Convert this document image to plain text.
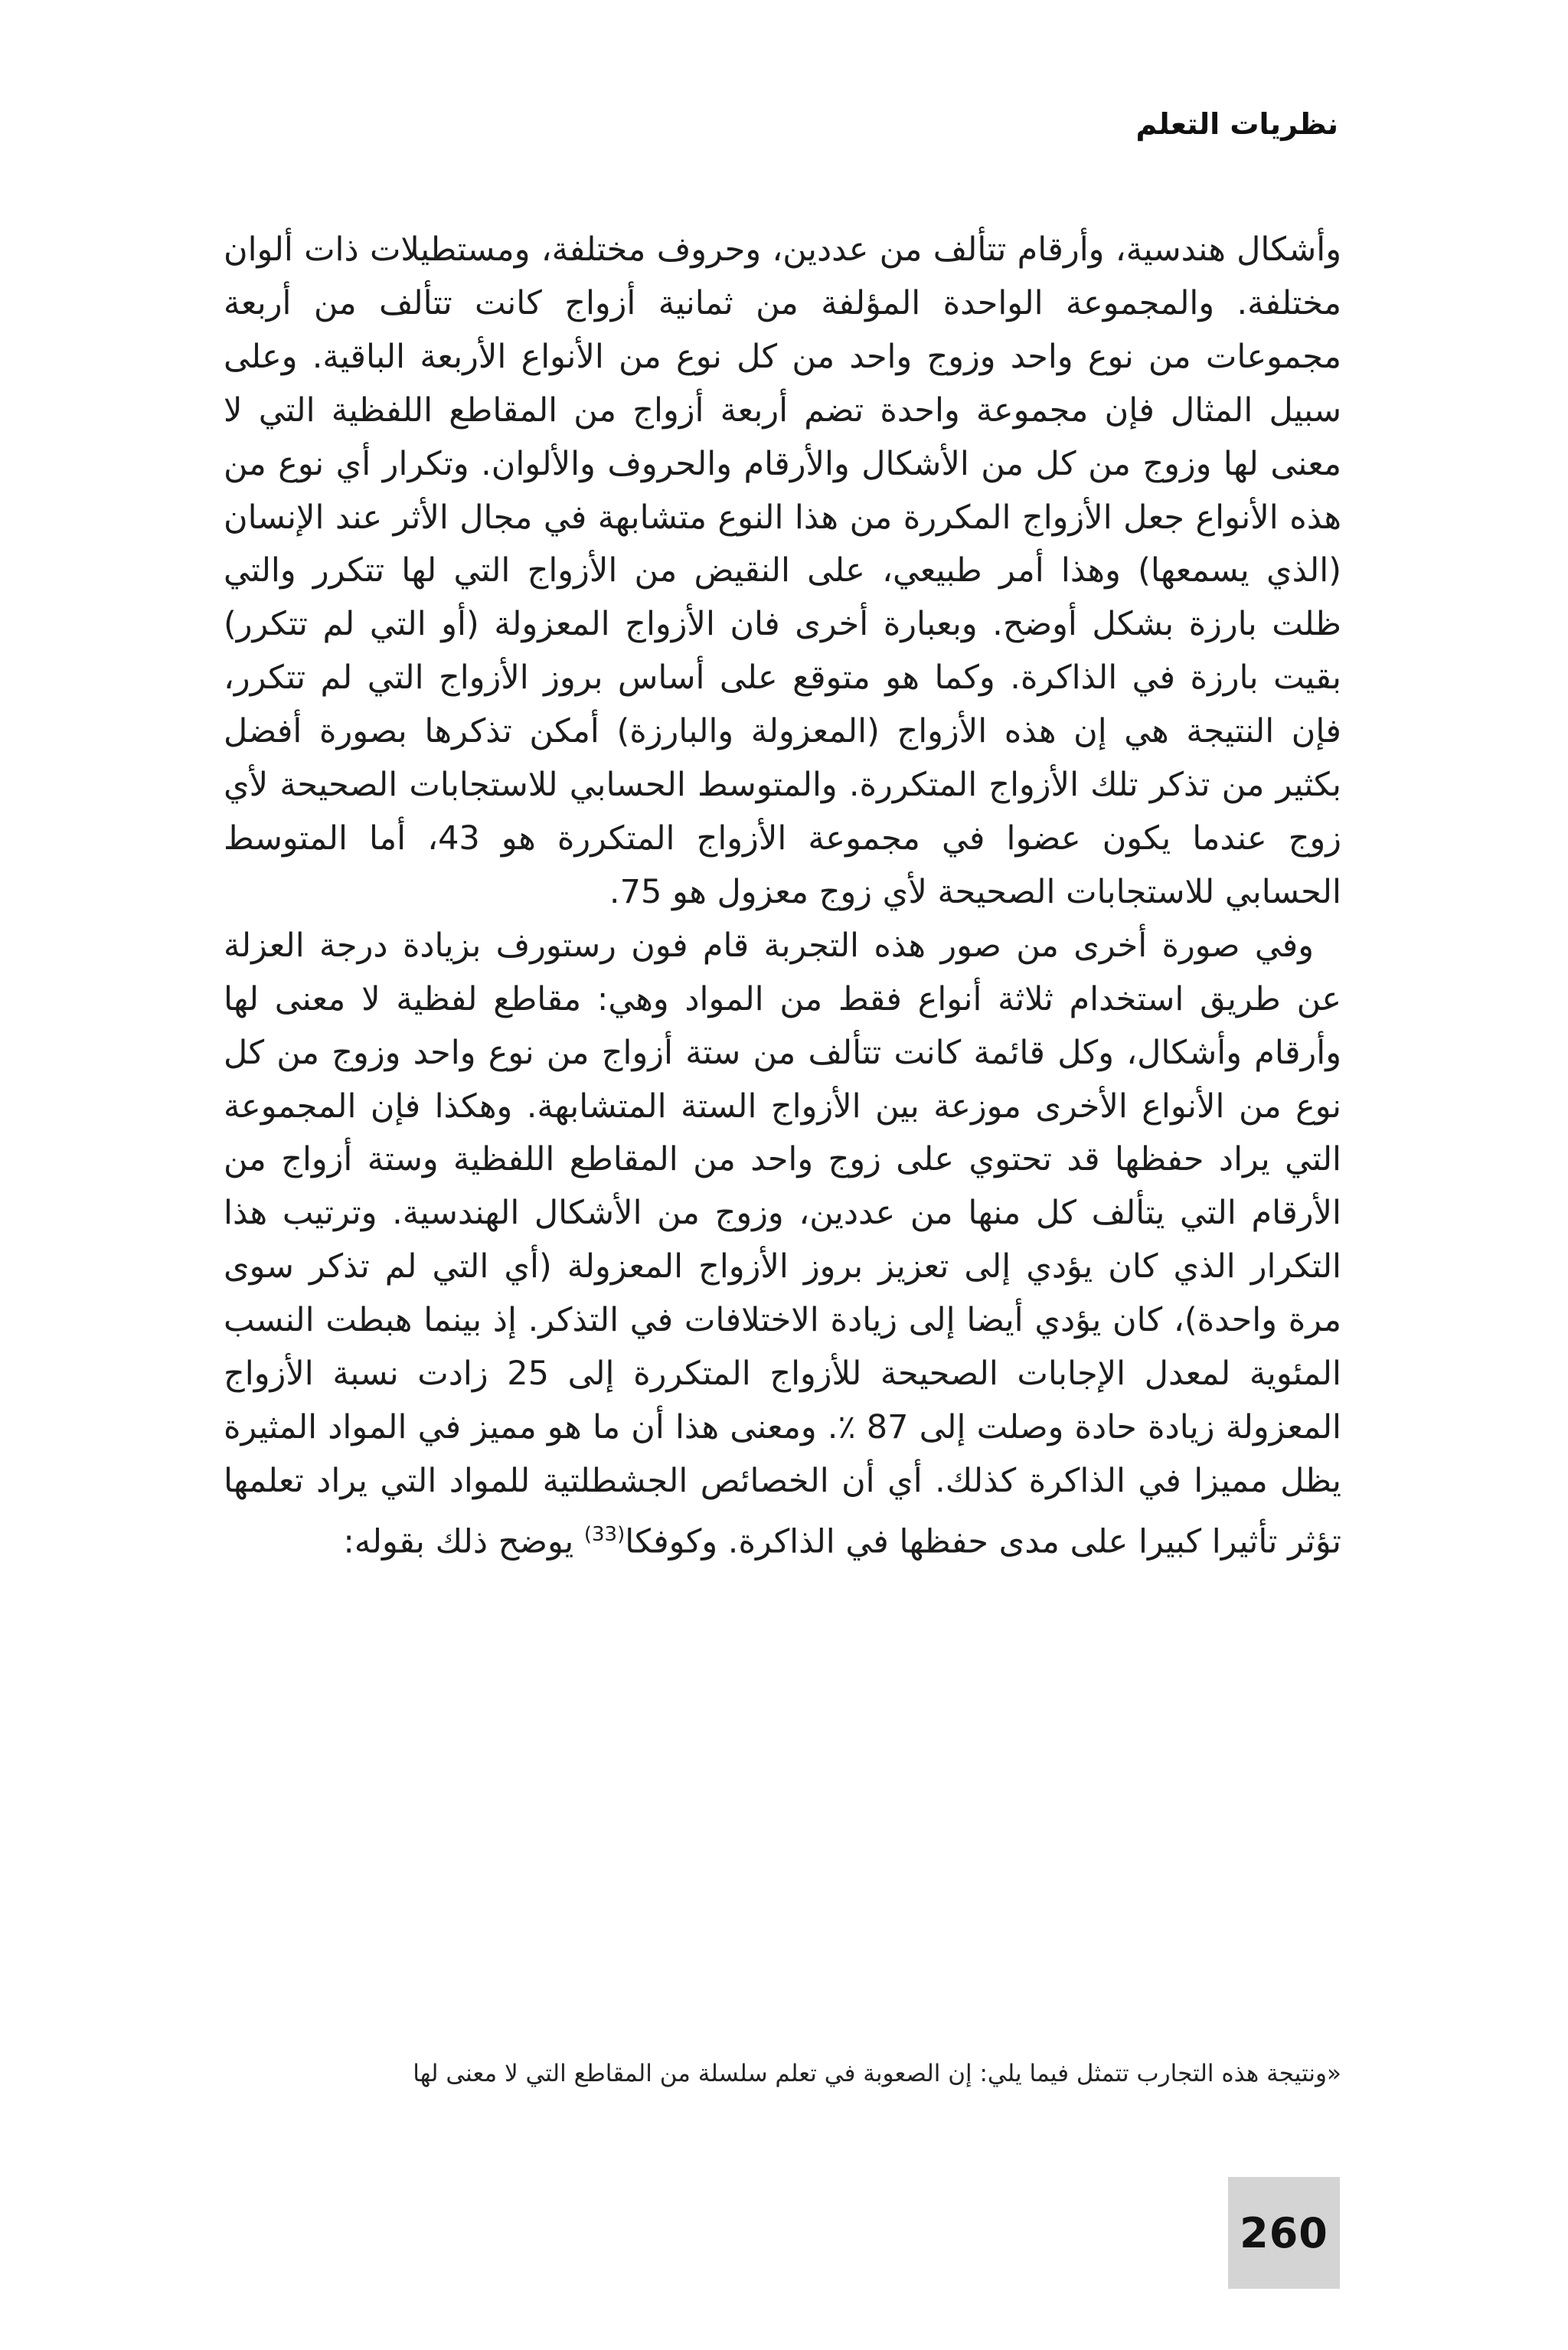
نظريات التعلم

وأشكال هندسية، وأرقام تتألف من عددين، وحروف مختلفة، ومستطيلات ذات ألوان مختلفة. والمجموعة الواحدة المؤلفة من ثمانية أزواج كانت تتألف من أربعة مجموعات من نوع واحد وزوج واحد من كل نوع من الأنواع الأربعة الباقية. وعلى سبيل المثال فإن مجموعة واحدة تضم أربعة أزواج من المقاطع اللفظية التي لا معنى لها وزوج من كل من الأشكال والأرقام والحروف والألوان. وتكرار أي نوع من هذه الأنواع جعل الأزواج المكررة من هذا النوع متشابهة في مجال الأثر عند الإنسان (الذي يسمعها) وهذا أمر طبيعي، على النقيض من الأزواج التي لها تتكرر والتي ظلت بارزة بشكل أوضح. وبعبارة أخرى فان الأزواج المعزولة (أو التي لم تتكرر) بقيت بارزة في الذاكرة. وكما هو متوقع على أساس بروز الأزواج التي لم تتكرر، فإن النتيجة هي إن هذه الأزواج (المعزولة والبارزة) أمكن تذكرها بصورة أفضل بكثير من تذكر تلك الأزواج المتكررة. والمتوسط الحسابي للاستجابات الصحيحة لأي زوج عندما يكون عضوا في مجموعة الأزواج المتكررة هو 43، أما المتوسط الحسابي للاستجابات الصحيحة لأي زوج معزول هو 75.

وفي صورة أخرى من صور هذه التجربة قام فون رستورف بزيادة درجة العزلة عن طريق استخدام ثلاثة أنواع فقط من المواد وهي: مقاطع لفظية لا معنى لها وأرقام وأشكال، وكل قائمة كانت تتألف من ستة أزواج من نوع واحد وزوج من كل نوع من الأنواع الأخرى موزعة بين الأزواج الستة المتشابهة. وهكذا فإن المجموعة التي يراد حفظها قد تحتوي على زوج واحد من المقاطع اللفظية وستة أزواج من الأرقام التي يتألف كل منها من عددين، وزوج من الأشكال الهندسية. وترتيب هذا التكرار الذي كان يؤدي إلى تعزيز بروز الأزواج المعزولة (أي التي لم تذكر سوى مرة واحدة)، كان يؤدي أيضا إلى زيادة الاختلافات في التذكر. إذ بينما هبطت النسب المئوية لمعدل الإجابات الصحيحة للأزواج المتكررة إلى 25 زادت نسبة الأزواج المعزولة زيادة حادة وصلت إلى 87 ٪. ومعنى هذا أن ما هو مميز في المواد المثيرة يظل مميزا في الذاكرة كذلك. أي أن الخصائص الجشطلتية للمواد التي يراد تعلمها تؤثر تأثيرا كبيرا على مدى حفظها في الذاكرة. وكوفكا$^{(33)}$ يوضح ذلك بقوله:

«ونتيجة هذه التجارب تتمثل فيما يلي: إن الصعوبة في تعلم سلسلة من المقاطع التي لا معنى لها
260
